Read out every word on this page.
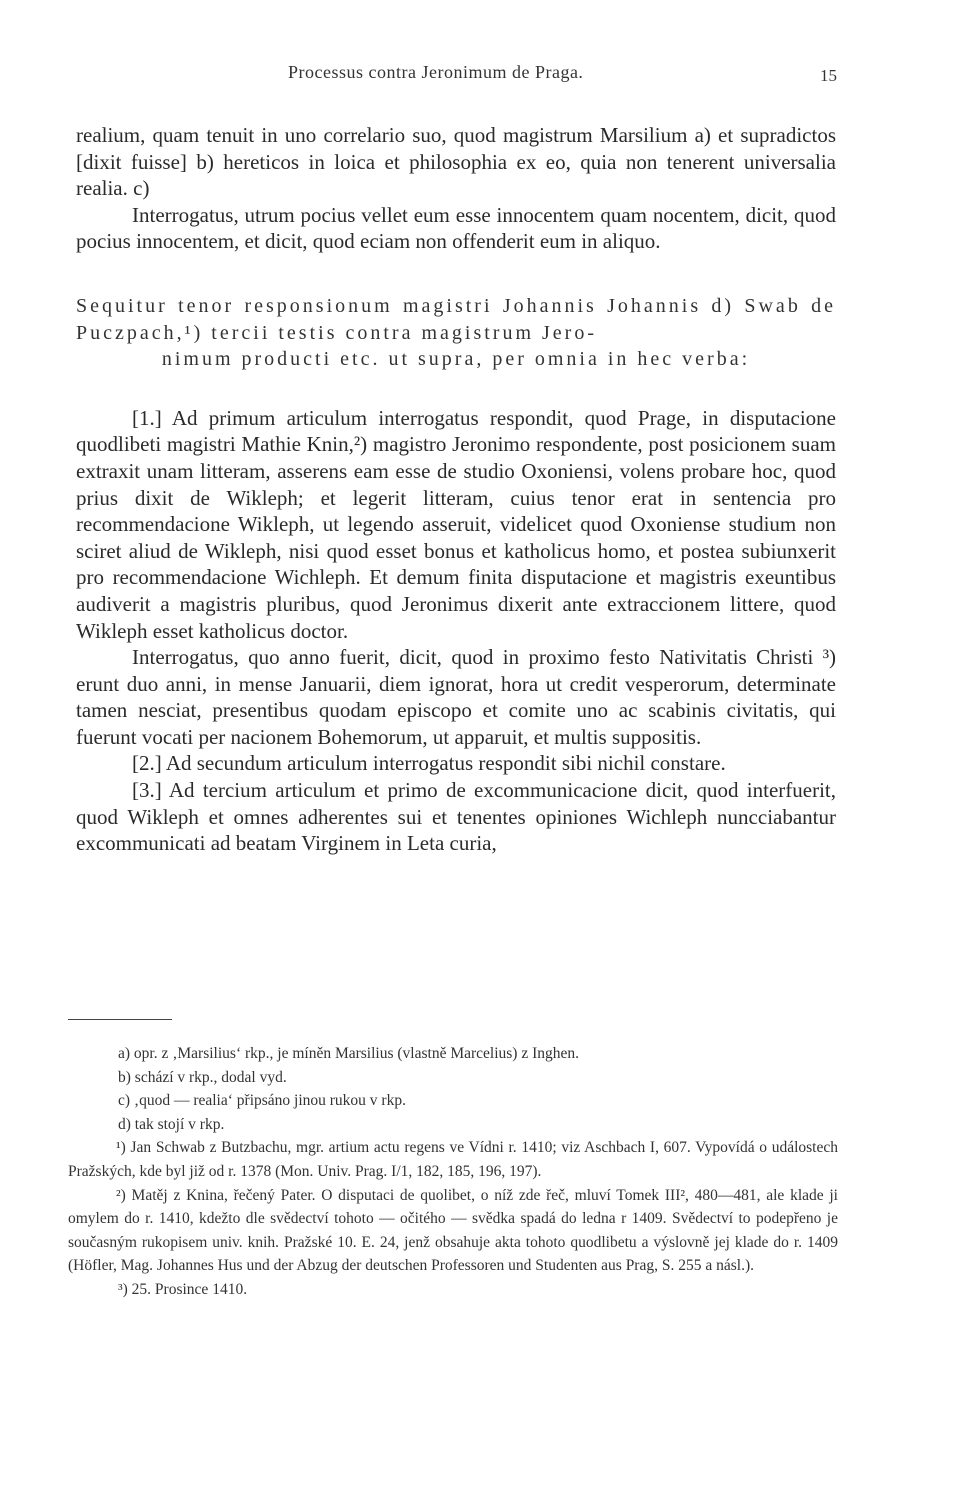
Processus contra Jeronimum de Praga.	15

realium, quam tenuit in uno correlario suo, quod magistrum Marsilium a) et supradictos [dixit fuisse] b) hereticos in loica et philosophia ex eo, quia non tenerent universalia realia. c)

Interrogatus, utrum pocius vellet eum esse innocentem quam nocentem, dicit, quod pocius innocentem, et dicit, quod eciam non offenderit eum in aliquo.

Sequitur tenor responsionum magistri Johannis Johannis d) Swab de Puczpach,¹) tercii testis contra magistrum Jero-
nimum producti etc. ut supra, per omnia in hec verba:

[1.] Ad primum articulum interrogatus respondit, quod Prage, in disputacione quodlibeti magistri Mathie Knin,²) magistro Jeronimo respondente, post posicionem suam extraxit unam litteram, asserens eam esse de studio Oxoniensi, volens probare hoc, quod prius dixit de Wikleph; et legerit litteram, cuius tenor erat in sentencia pro recommendacione Wikleph, ut legendo asseruit, videlicet quod Oxoniense studium non sciret aliud de Wikleph, nisi quod esset bonus et katholicus homo, et postea subiunxerit pro recommendacione Wichleph. Et demum finita disputacione et magistris exeuntibus audiverit a magistris pluribus, quod Jeronimus dixerit ante extraccionem littere, quod Wikleph esset katholicus doctor.

Interrogatus, quo anno fuerit, dicit, quod in proximo festo Nativitatis Christi ³) erunt duo anni, in mense Januarii, diem ignorat, hora ut credit vesperorum, determinate tamen nesciat, presentibus quodam episcopo et comite uno ac scabinis civitatis, qui fuerunt vocati per nacionem Bohemorum, ut apparuit, et multis suppositis.

[2.] Ad secundum articulum interrogatus respondit sibi nichil constare.

[3.] Ad tercium articulum et primo de excommunicacione dicit, quod interfuerit, quod Wikleph et omnes adherentes sui et tenentes opiniones Wichleph nuncciabantur excommunicati ad beatam Virginem in Leta curia,

a) opr. z ‚Marsilius‘ rkp., je míněn Marsilius (vlastně Marcelius) z Inghen.

b) schází v rkp., dodal vyd.

c) ‚quod — realia‘ připsáno jinou rukou v rkp.

d) tak stojí v rkp.

¹) Jan Schwab z Butzbachu, mgr. artium actu regens ve Vídni r. 1410; viz Aschbach I, 607. Vypovídá o událostech Pražských, kde byl již od r. 1378 (Mon. Univ. Prag. I/1, 182, 185, 196, 197).

²) Matěj z Knina, řečený Pater. O disputaci de quolibet, o níž zde řeč, mluví Tomek III², 480—481, ale klade ji omylem do r. 1410, kdežto dle svědectví tohoto — očitého — svědka spadá do ledna r 1409. Svědectví to podepřeno je současným rukopisem univ. knih. Pražské 10. E. 24, jenž obsahuje akta tohoto quodlibetu a výslovně jej klade do r. 1409 (Höfler, Mag. Johannes Hus und der Abzug der deutschen Professoren und Studenten aus Prag, S. 255 a násl.).

³) 25. Prosince 1410.
